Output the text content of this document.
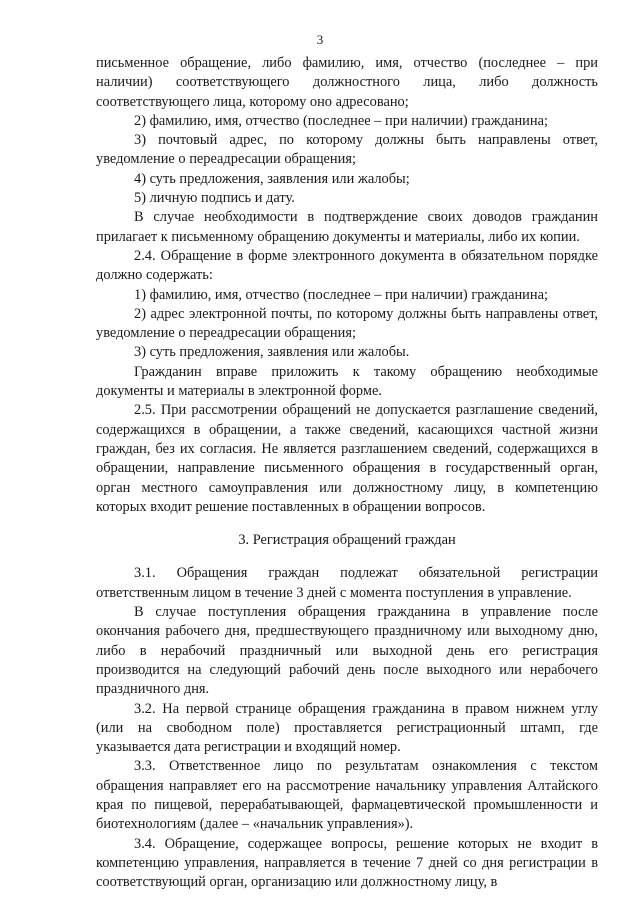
3

письменное обращение, либо фамилию, имя, отчество (последнее – при наличии) соответствующего должностного лица, либо должность соответствующего лица, которому оно адресовано;

2) фамилию, имя, отчество (последнее – при наличии) гражданина;

3) почтовый адрес, по которому должны быть направлены ответ, уведомление о переадресации обращения;

4) суть предложения, заявления или жалобы;

5) личную подпись и дату.

В случае необходимости в подтверждение своих доводов гражданин прилагает к письменному обращению документы и материалы, либо их копии.

2.4. Обращение в форме электронного документа в обязательном порядке должно содержать:

1) фамилию, имя, отчество (последнее – при наличии) гражданина;

2) адрес электронной почты, по которому должны быть направлены ответ, уведомление о переадресации обращения;

3) суть предложения, заявления или жалобы.

Гражданин вправе приложить к такому обращению необходимые документы и материалы в электронной форме.

2.5. При рассмотрении обращений не допускается разглашение сведений, содержащихся в обращении, а также сведений, касающихся частной жизни граждан, без их согласия. Не является разглашением сведений, содержащихся в обращении, направление письменного обращения в государственный орган, орган местного самоуправления или должностному лицу, в компетенцию которых входит решение поставленных в обращении вопросов.

3. Регистрация обращений граждан

3.1. Обращения граждан подлежат обязательной регистрации ответственным лицом в течение 3 дней с момента поступления в управление.

В случае поступления обращения гражданина в управление после окончания рабочего дня, предшествующего праздничному или выходному дню, либо в нерабочий праздничный или выходной день его регистрация производится на следующий рабочий день после выходного или нерабочего праздничного дня.

3.2. На первой странице обращения гражданина в правом нижнем углу (или на свободном поле) проставляется регистрационный штамп, где указывается дата регистрации и входящий номер.

3.3. Ответственное лицо по результатам ознакомления с текстом обращения направляет его на рассмотрение начальнику управления Алтайского края по пищевой, перерабатывающей, фармацевтической промышленности и биотехнологиям (далее – «начальник управления»).

3.4. Обращение, содержащее вопросы, решение которых не входит в компетенцию управления, направляется в течение 7 дней со дня регистрации в соответствующий орган, организацию или должностному лицу, в
